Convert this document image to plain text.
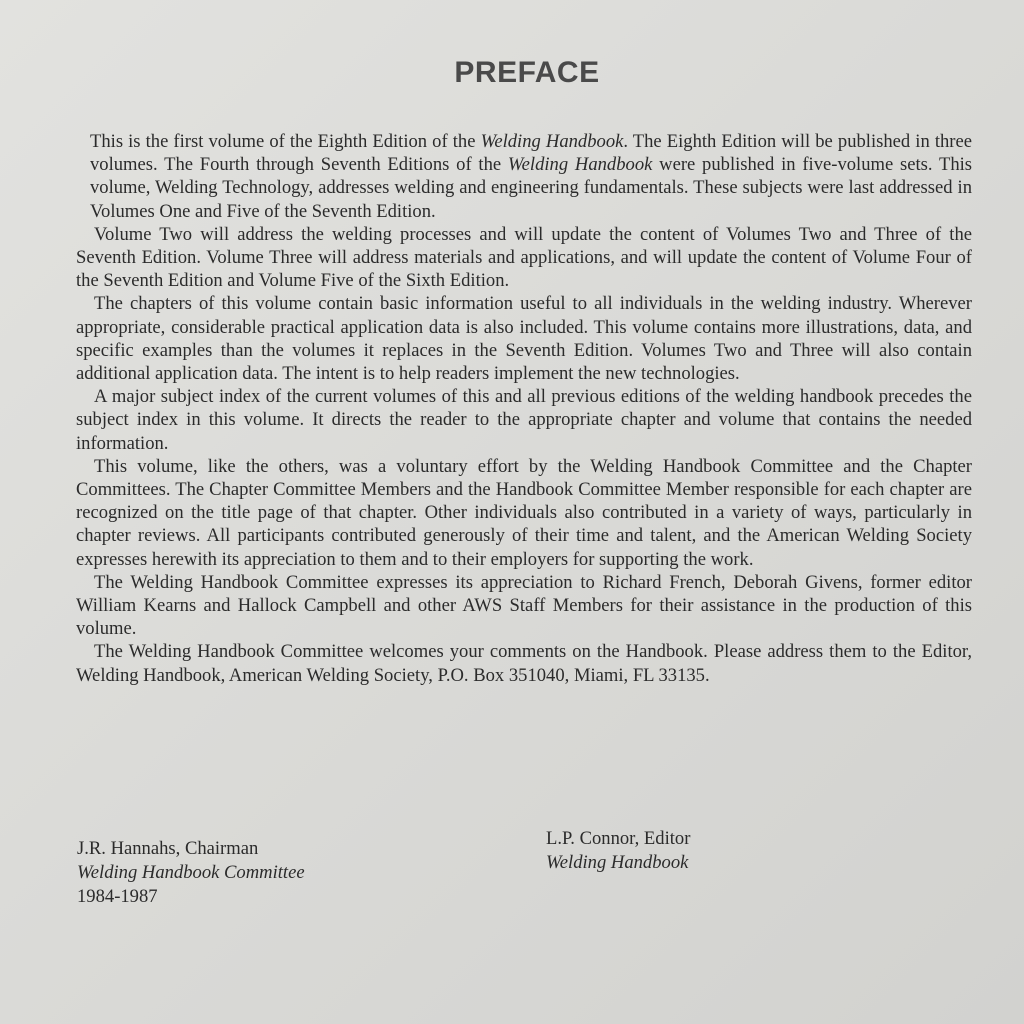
PREFACE

This is the first volume of the Eighth Edition of the Welding Handbook. The Eighth Edition will be published in three volumes. The Fourth through Seventh Editions of the Welding Handbook were published in five-volume sets. This volume, Welding Technology, addresses welding and engineering fundamentals. These subjects were last addressed in Volumes One and Five of the Seventh Edition.

Volume Two will address the welding processes and will update the content of Volumes Two and Three of the Seventh Edition. Volume Three will address materials and applications, and will update the content of Volume Four of the Seventh Edition and Volume Five of the Sixth Edition.

The chapters of this volume contain basic information useful to all individuals in the welding industry. Wherever appropriate, considerable practical application data is also included. This volume contains more illustrations, data, and specific examples than the volumes it replaces in the Seventh Edition. Volumes Two and Three will also contain additional application data. The intent is to help readers implement the new technologies.

A major subject index of the current volumes of this and all previous editions of the welding handbook precedes the subject index in this volume. It directs the reader to the appropriate chapter and volume that contains the needed information.

This volume, like the others, was a voluntary effort by the Welding Handbook Committee and the Chapter Committees. The Chapter Committee Members and the Handbook Committee Member responsible for each chapter are recognized on the title page of that chapter. Other individuals also contributed in a variety of ways, particularly in chapter reviews. All participants contributed generously of their time and talent, and the American Welding Society expresses herewith its appreciation to them and to their employers for supporting the work.

The Welding Handbook Committee expresses its appreciation to Richard French, Deborah Givens, former editor William Kearns and Hallock Campbell and other AWS Staff Members for their assistance in the production of this volume.

The Welding Handbook Committee welcomes your comments on the Handbook. Please address them to the Editor, Welding Handbook, American Welding Society, P.O. Box 351040, Miami, FL 33135.

J.R. Hannahs, Chairman
Welding Handbook Committee
1984-1987
L.P. Connor, Editor
Welding Handbook
